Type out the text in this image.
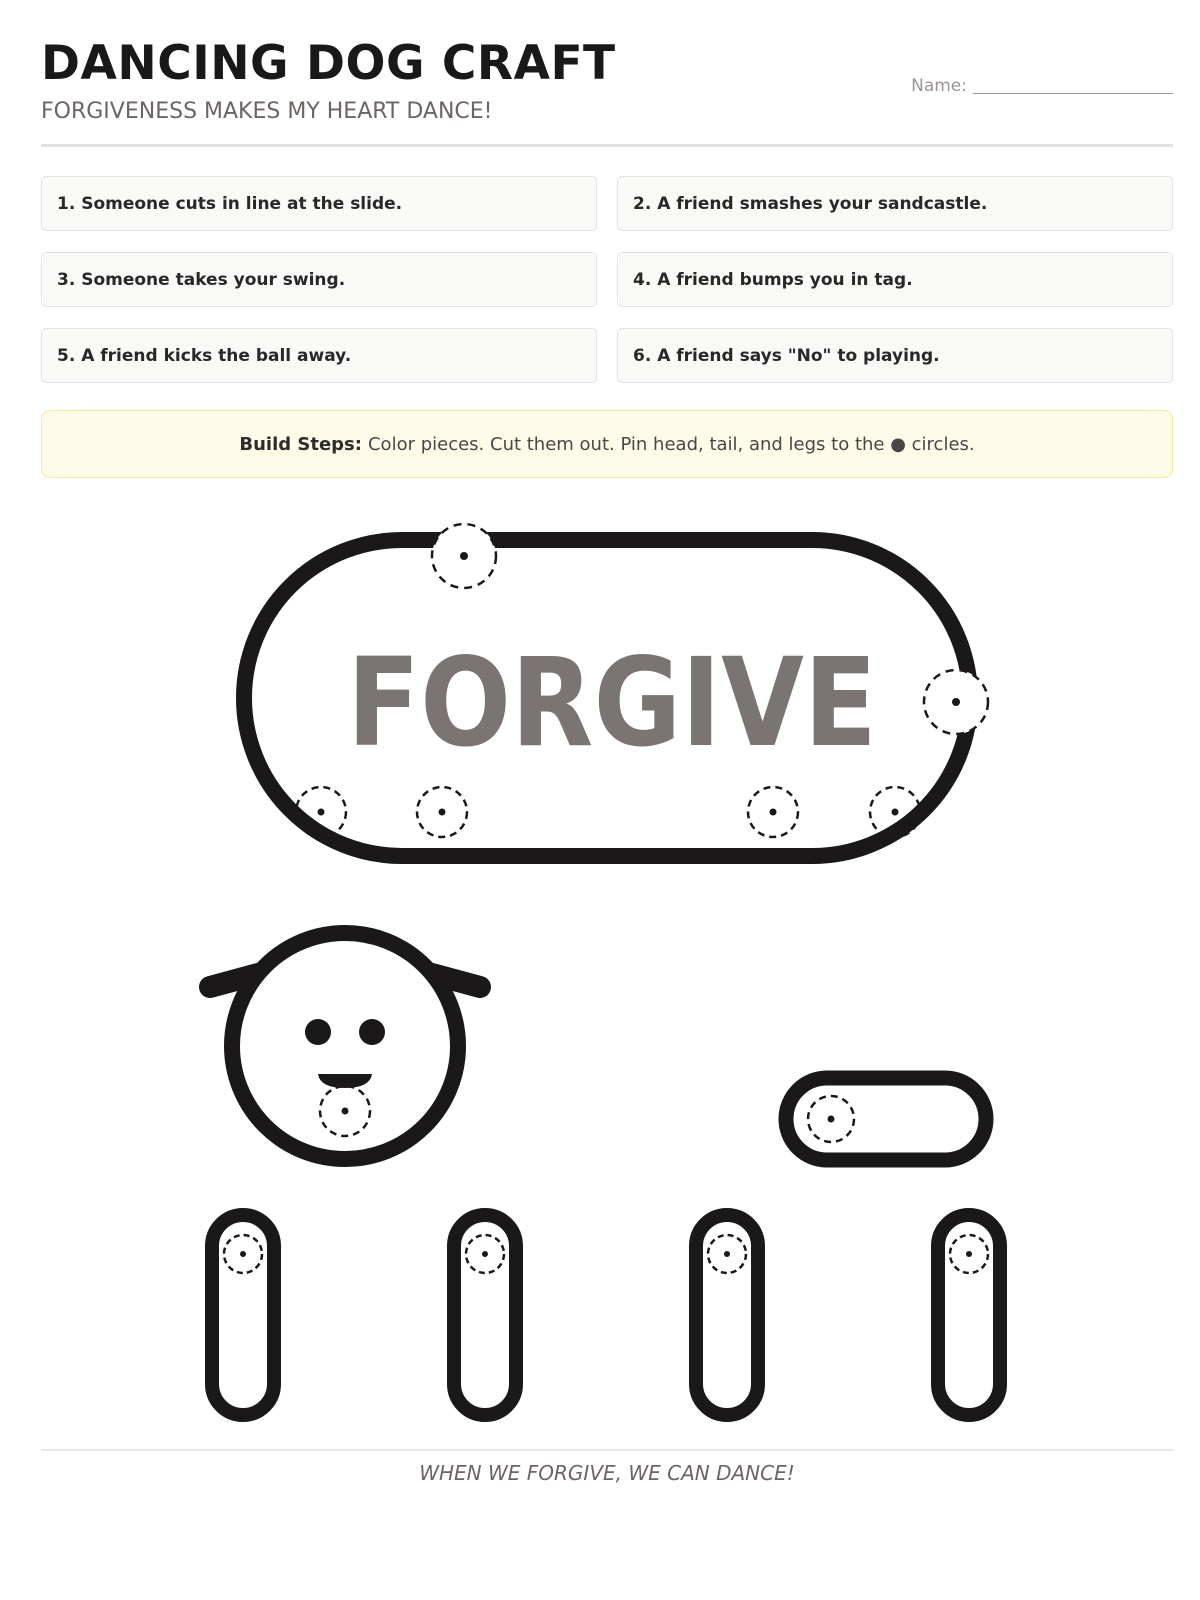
DANCING DOG CRAFT

FORGIVENESS MAKES MY HEART DANCE!

Name:
1. Someone cuts in line at the slide.	2. A friend smashes your sandcastle.
3. Someone takes your swing.	4. A friend bumps you in tag.
5. A friend kicks the ball away.	6. A friend says "No" to playing.
Build Steps: Color pieces. Cut them out. Pin head, tail, and legs to the ● circles.
WHEN WE FORGIVE, WE CAN DANCE!
FORGIVE
